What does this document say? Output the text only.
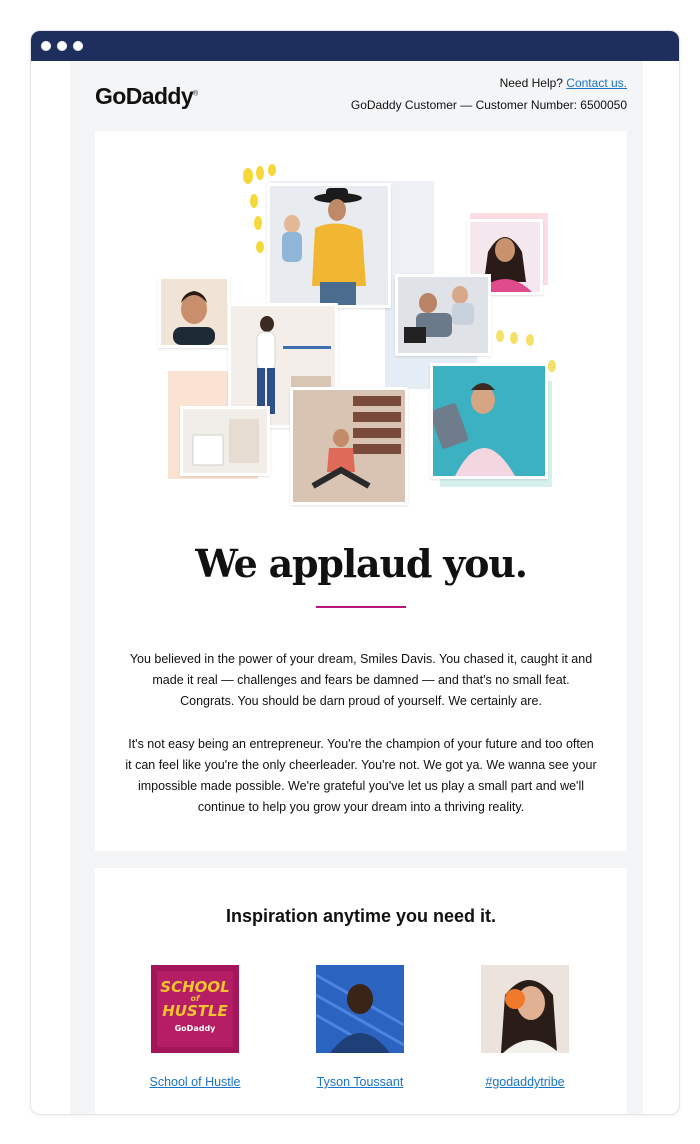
GoDaddy®
Need Help? Contact us.
GoDaddy Customer — Customer Number: 6500050
We applaud you.

You believed in the power of your dream, Smiles Davis. You chased it, caught it and made it real — challenges and fears be damned — and that's no small feat. Congrats. You should be darn proud of yourself. We certainly are.

It's not easy being an entrepreneur. You're the champion of your future and too often it can feel like you're the only cheerleader. You're not. We got ya. We wanna see your impossible made possible. We're grateful you've let us play a small part and we'll continue to help you grow your dream into a thriving reality.

Inspiration anytime you need it.
SCHOOL
of
HUSTLE
GoDaddy
School of Hustle	Tyson Toussant	#godaddytribe
